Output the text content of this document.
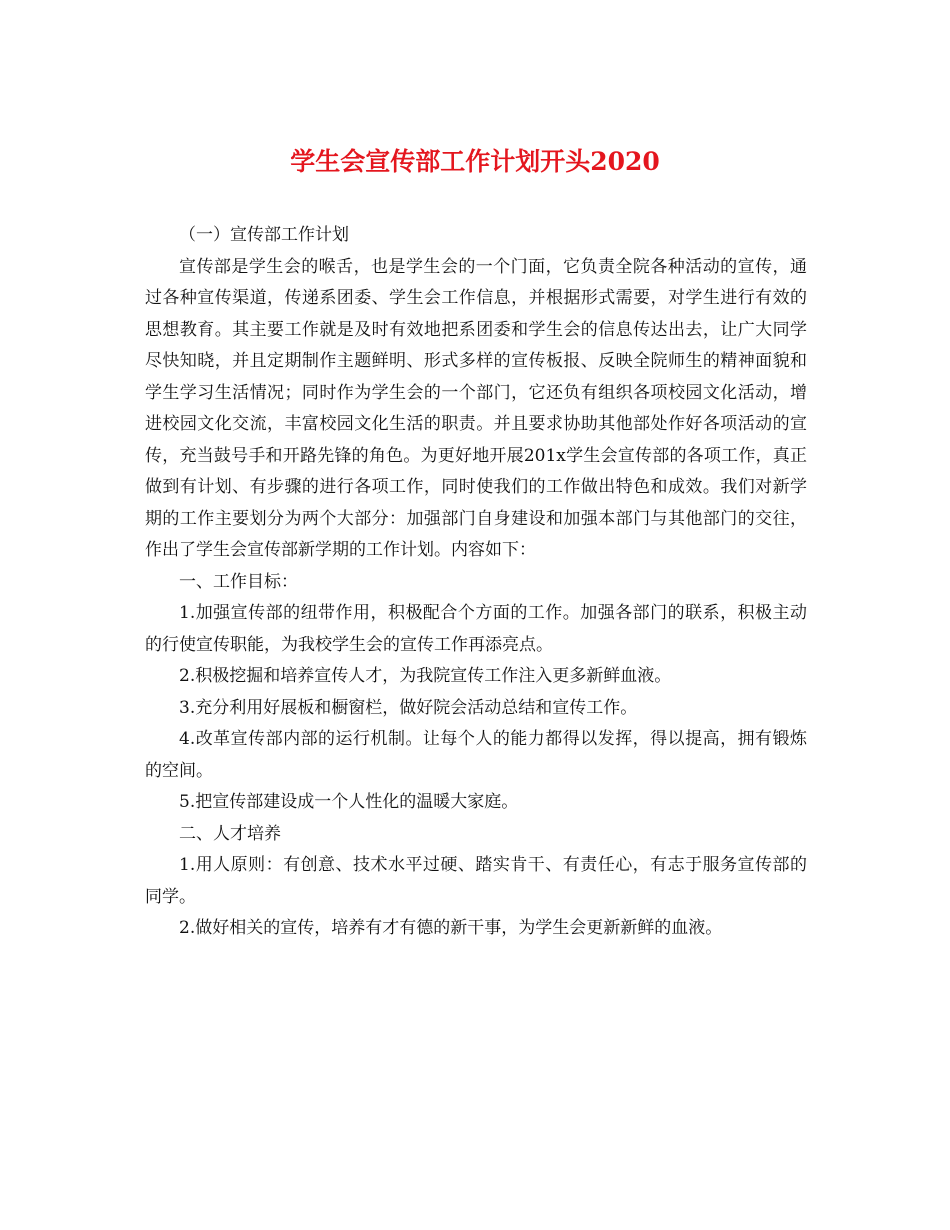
学生会宣传部工作计划开头2020

（一）宣传部工作计划

宣传部是学生会的喉舌，也是学生会的一个门面，它负责全院各种活动的宣传，通过各种宣传渠道，传递系团委、学生会工作信息，并根据形式需要，对学生进行有效的思想教育。其主要工作就是及时有效地把系团委和学生会的信息传达出去，让广大同学尽快知晓，并且定期制作主题鲜明、形式多样的宣传板报、反映全院师生的精神面貌和学生学习生活情况；同时作为学生会的一个部门，它还负有组织各项校园文化活动，增进校园文化交流，丰富校园文化生活的职责。并且要求协助其他部处作好各项活动的宣传，充当鼓号手和开路先锋的角色。为更好地开展201x学生会宣传部的各项工作，真正做到有计划、有步骤的进行各项工作，同时使我们的工作做出特色和成效。我们对新学期的工作主要划分为两个大部分：加强部门自身建设和加强本部门与其他部门的交往，作出了学生会宣传部新学期的工作计划。内容如下：

一、工作目标：

1.加强宣传部的纽带作用，积极配合个方面的工作。加强各部门的联系，积极主动的行使宣传职能，为我校学生会的宣传工作再添亮点。

2.积极挖掘和培养宣传人才，为我院宣传工作注入更多新鲜血液。

3.充分利用好展板和橱窗栏，做好院会活动总结和宣传工作。

4.改革宣传部内部的运行机制。让每个人的能力都得以发挥，得以提高，拥有锻炼的空间。

5.把宣传部建设成一个人性化的温暖大家庭。

二、人才培养

1.用人原则：有创意、技术水平过硬、踏实肯干、有责任心，有志于服务宣传部的同学。

2.做好相关的宣传，培养有才有德的新干事，为学生会更新新鲜的血液。
